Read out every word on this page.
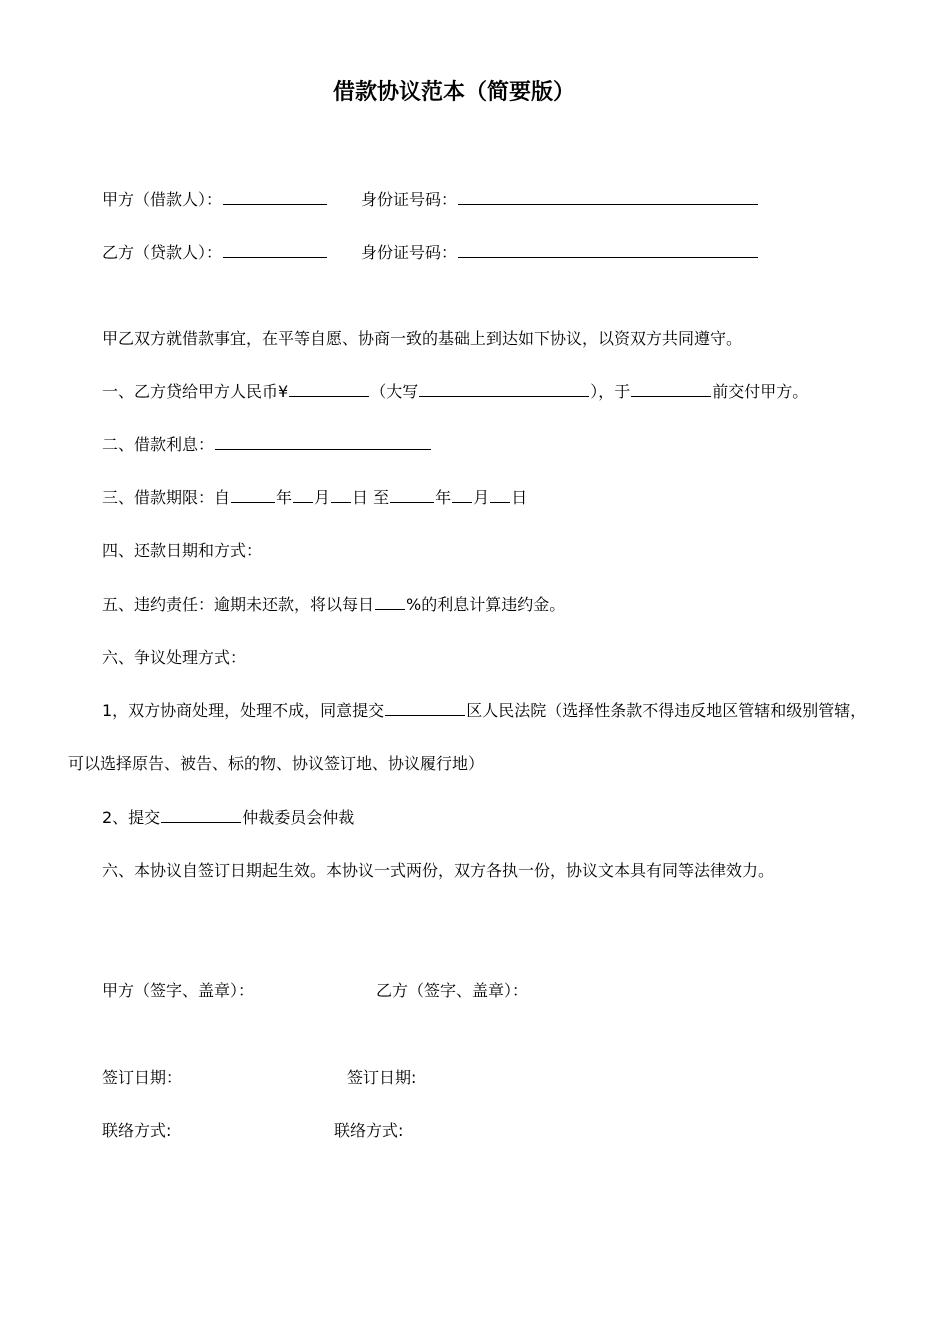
借款协议范本（简要版）
甲方（借款人）：	身份证号码：
乙方（贷款人）：	身份证号码：
甲乙双方就借款事宜，在平等自愿、协商一致的基础上到达如下协议，以资双方共同遵守。
一、乙方贷给甲方人民币¥	（大写	），于	前交付甲方。
二、借款利息：
三、借款期限：自	年 月 日 至	年 月 日
四、还款日期和方式：
五、违约责任：逾期未还款，将以每日 %的利息计算违约金。
六、争议处理方式：
1，双方协商处理，处理不成，同意提交	区人民法院（选择性条款不得违反地区管辖和级别管辖，
可以选择原告、被告、标的物、协议签订地、协议履行地）
2、提交	仲裁委员会仲裁
六、本协议自签订日期起生效。本协议一式两份，双方各执一份，协议文本具有同等法律效力。
甲方（签字、盖章）：	乙方（签字、盖章）：
签订日期：	签订日期:
联络方式:	联络方式:
